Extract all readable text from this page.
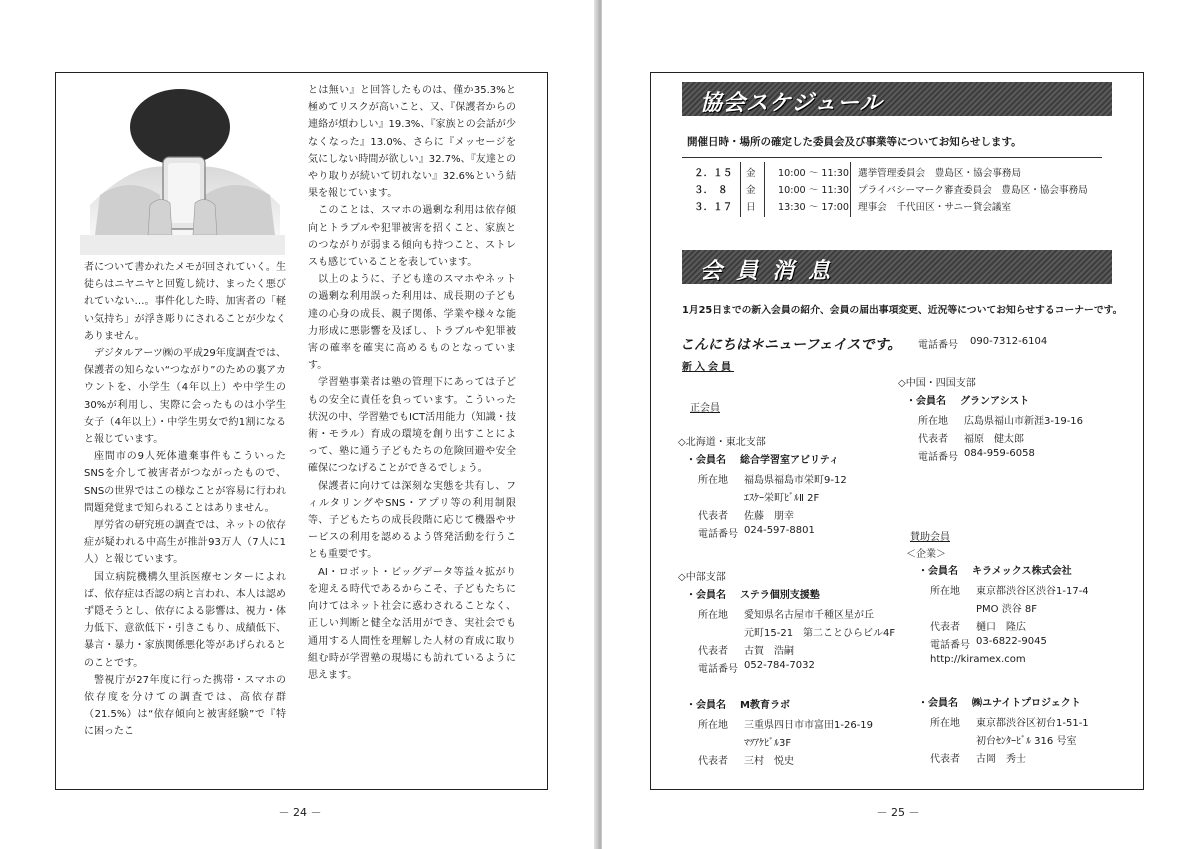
者について書かれたメモが回されていく。生徒らはニヤニヤと回覧し続け、まったく悪びれていない…。事件化した時、加害者の「軽い気持ち」が浮き彫りにされることが少なくありません。

デジタルアーツ㈱の平成29年度調査では、保護者の知らない“つながり”のための裏アカウントを、小学生（4年以上）や中学生の30%が利用し、実際に会ったものは小学生女子（4年以上）・中学生男女で約1割になると報じています。

座間市の9人死体遺棄事件もこういったSNSを介して被害者がつながったもので、SNSの世界ではこの様なことが容易に行われ問題発覚まで知られることはありません。

厚労省の研究班の調査では、ネットの依存症が疑われる中高生が推計93万人（7人に1人）と報じています。

国立病院機構久里浜医療センターによれば、依存症は否認の病と言われ、本人は認めず隠そうとし、依存による影響は、視力・体力低下、意欲低下・引きこもり、成績低下、暴言・暴力・家族関係悪化等があげられるとのことです。

警視庁が27年度に行った携帯・スマホの依存度を分けての調査では、高依存群（21.5%）は“依存傾向と被害経験”で『特に困ったこ

とは無い』と回答したものは、僅か35.3%と極めてリスクが高いこと、又、『保護者からの連絡が煩わしい』19.3%、『家族との会話が少なくなった』13.0%、さらに『メッセージを気にしない時間が欲しい』32.7%、『友達とのやり取りが続いて切れない』32.6%という結果を報じています。

このことは、スマホの過剰な利用は依存傾向とトラブルや犯罪被害を招くこと、家族とのつながりが弱まる傾向も持つこと、ストレスも感じていることを表しています。

以上のように、子ども達のスマホやネットの過剰な利用誤った利用は、成長期の子ども達の心身の成長、親子関係、学業や様々な能力形成に悪影響を及ぼし、トラブルや犯罪被害の確率を確実に高めるものとなっています。

学習塾事業者は塾の管理下にあっては子どもの安全に責任を負っています。こういった状況の中、学習塾でもICT活用能力（知識・技術・モラル）育成の環境を創り出すことによって、塾に通う子どもたちの危険回避や安全確保につなげることができるでしょう。

保護者に向けては深刻な実態を共有し、フィルタリングやSNS・アプリ等の利用制限等、子どもたちの成長段階に応じて機器やサービスの利用を認めるよう啓発活動を行うことも重要です。

AI・ロボット・ビッグデータ等益々拡がりを迎える時代であるからこそ、子どもたちに向けてはネット社会に惑わされることなく、正しい判断と健全な活用ができ、実社会でも通用する人間性を理解した人材の育成に取り組む時が学習塾の現場にも訪れているように思えます。

－ 24 －
協会スケジュール
開催日時・場所の確定した委員会及び事業等についてお知らせします。
２．１５ 金 10:00 ～ 11:30 選挙管理委員会　豊島区・協会事務局
３．　８ 金 10:00 ～ 11:30 プライバシーマーク審査委員会　豊島区・協会事務局
３．１７ 日 13:30 ～ 17:00 理事会　千代田区・サニー貸会議室
会員消息
1月25日までの新入会員の紹介、会員の届出事項変更、近況等についてお知らせするコーナーです。
こんにちは＊ニューフェイスです。
新入会員
正会員
電話番号 090-7312-6104
賛助会員
＜企業＞
◇北海道・東北支部
・会員名 総合学習室アビリティ
所在地 福島県福島市栄町9-12
ｴｽｹｰ栄町ﾋﾞﾙⅡ 2F
代表者 佐藤　朋幸
電話番号 024-597-8801
◇中部支部
・会員名 ステラ個別支援塾
所在地 愛知県名古屋市千種区星が丘
元町15-21　第二ことひらビル4F
代表者 古賀　浩嗣
電話番号 052-784-7032
・会員名 M教育ラボ
所在地 三重県四日市市富田1-26-19
ﾏﾂｱｹﾋﾞﾙ3F
代表者 三村　悦史
◇中国・四国支部
・会員名 グランアシスト
所在地 広島県福山市新涯3-19-16
代表者 福原　健太郎
電話番号 084-959-6058
・会員名 キラメックス株式会社
所在地 東京都渋谷区渋谷1-17-4
PMO 渋谷 8F
代表者 樋口　隆広
電話番号 03-6822-9045
http://kiramex.com
・会員名 ㈱ユナイトプロジェクト
所在地 東京都渋谷区初台1-51-1
初台ｾﾝﾀｰﾋﾞﾙ 316 号室
代表者 古岡　秀士
－ 25 －
